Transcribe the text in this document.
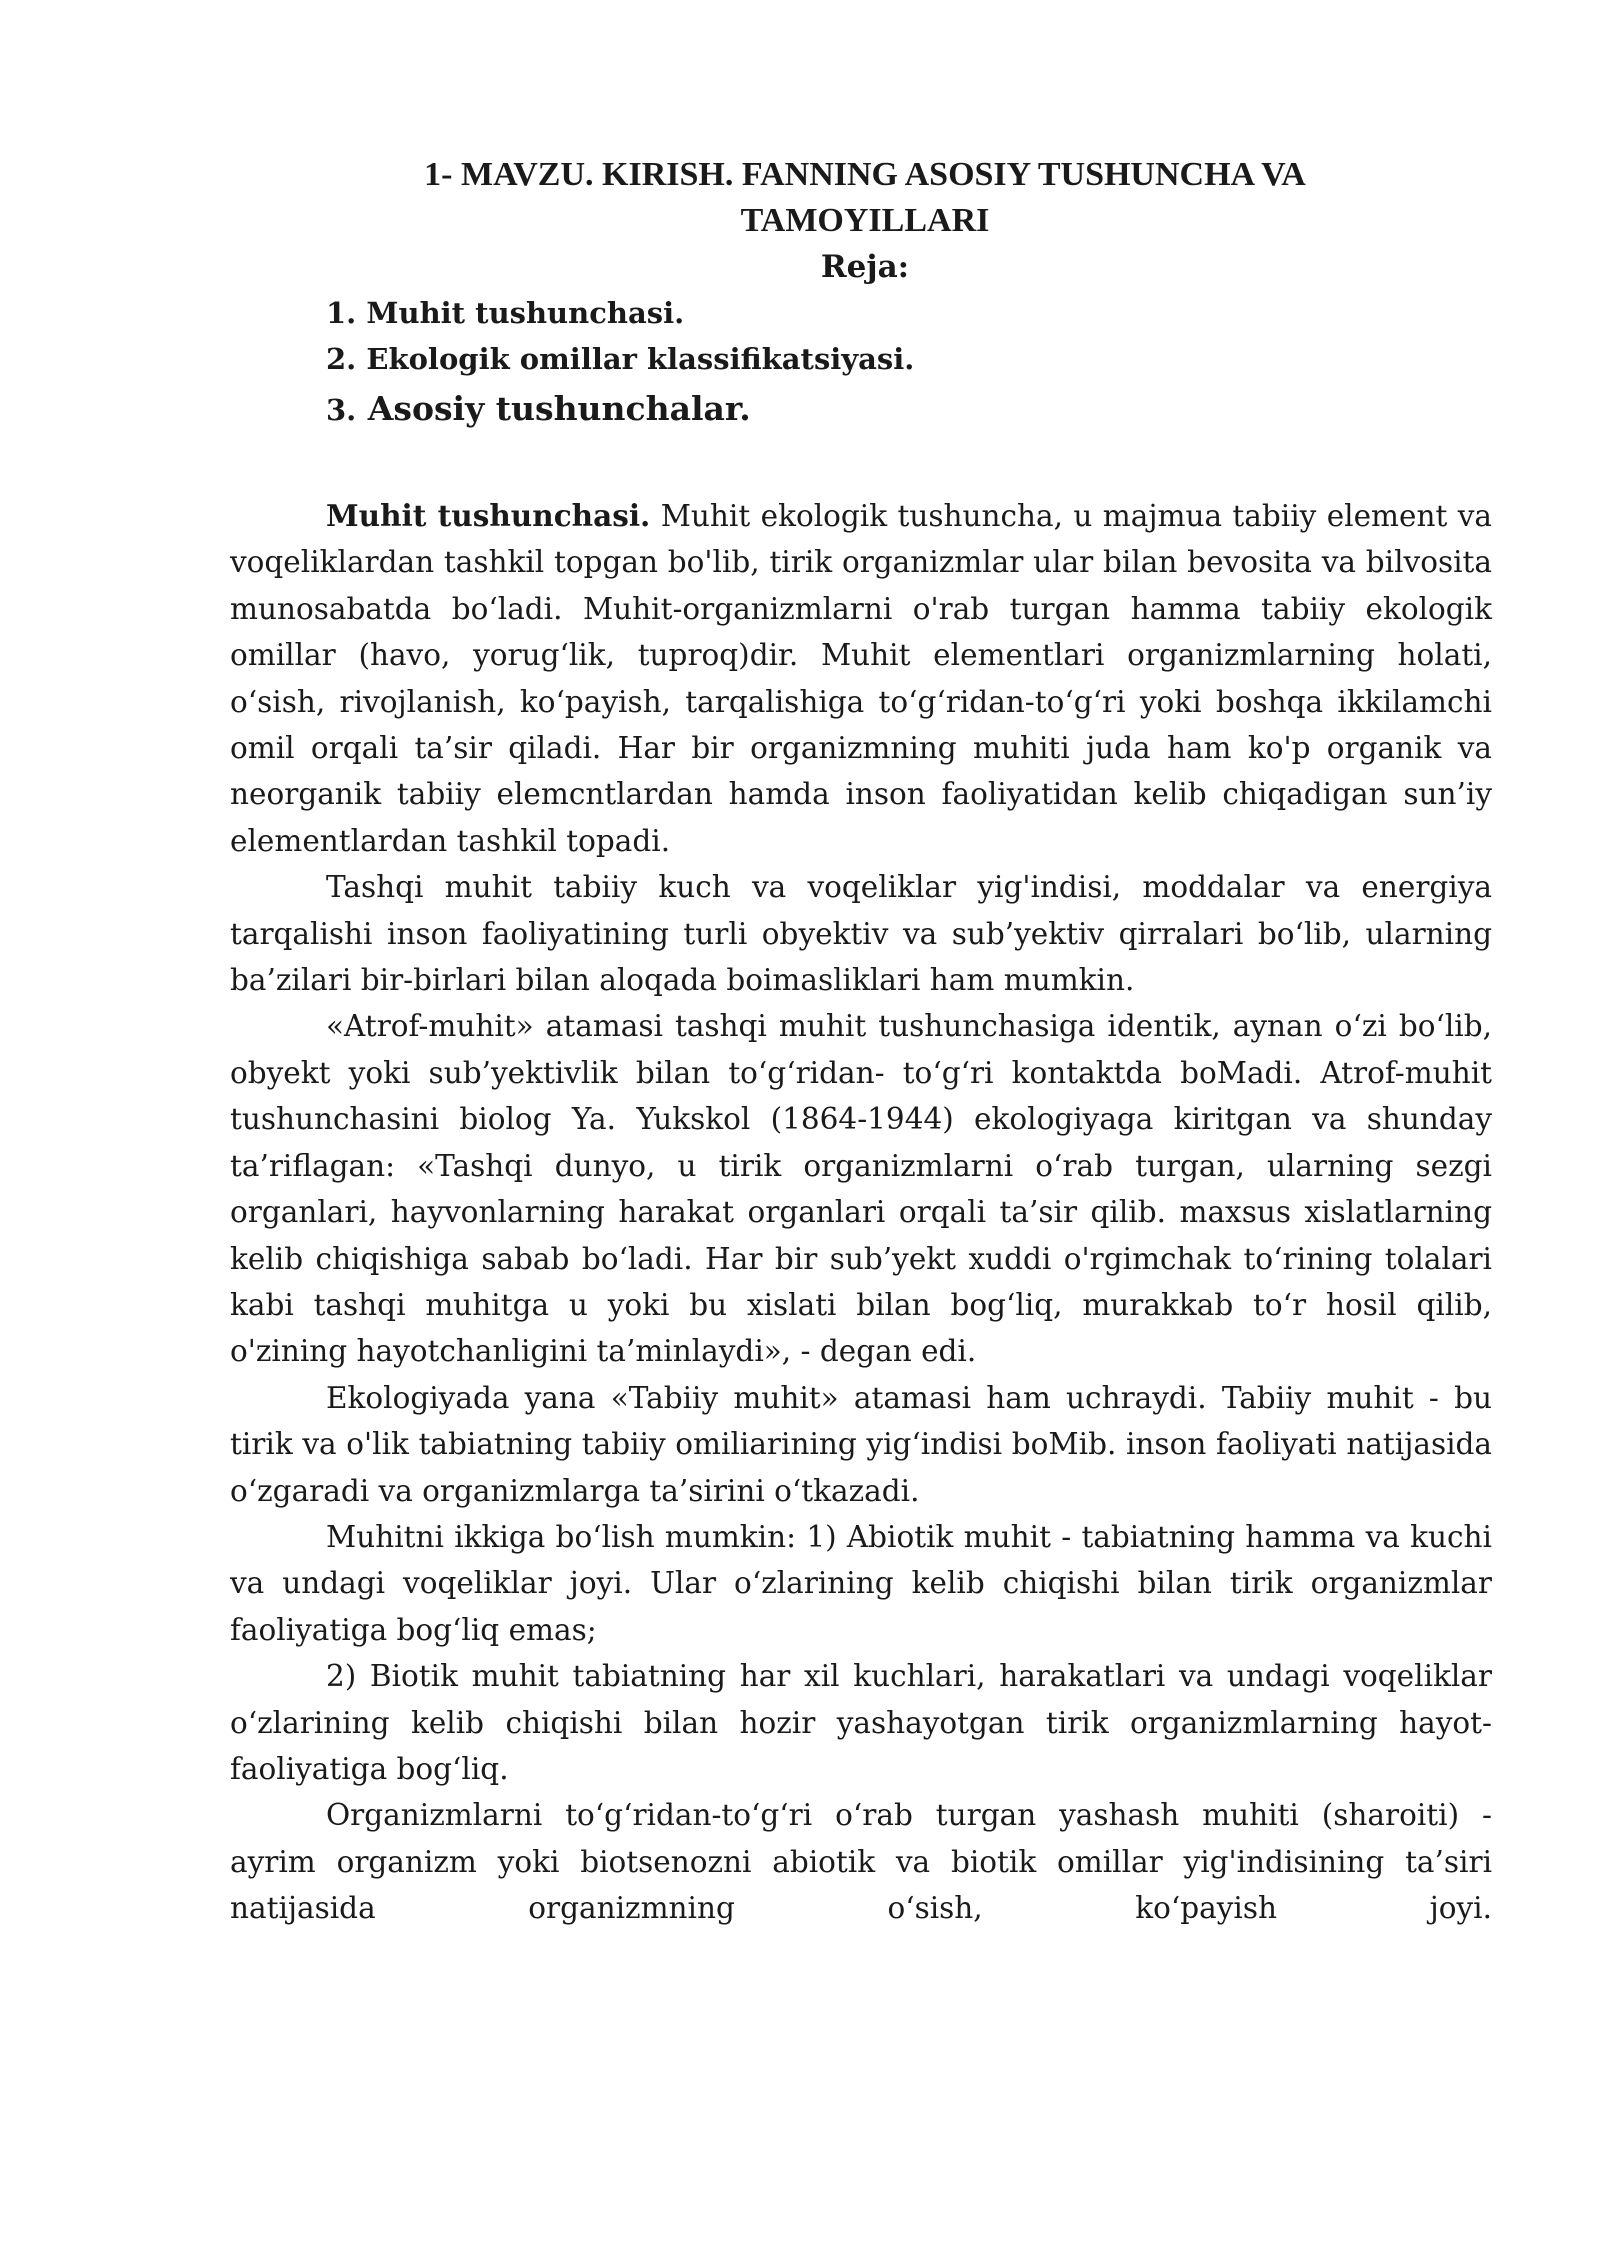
1- MAVZU. KIRISH. FANNING ASOSIY TUSHUNCHA VA
TAMOYILLARI
Reja:
1. Muhit tushunchasi.
2. Ekologik omillar klassifikatsiyasi.
3. Asosiy tushunchalar.

Muhit tushunchasi. Muhit ekologik tushuncha, u majmua tabiiy element va voqeliklardan tashkil topgan bo'lib, tirik organizmlar ular bilan bevosita va bilvosita munosabatda bo‘ladi. Muhit-organizmlarni o'rab turgan hamma tabiiy ekologik omillar (havo, yorug‘lik, tuproq)dir. Muhit elementlari organizmlarning holati, o‘sish, rivojlanish, ko‘payish, tarqalishiga to‘g‘ridan-to‘g‘ri yoki boshqa ikkilamchi omil orqali ta’sir qiladi. Har bir organizmning muhiti juda ham ko'p organik va neorganik tabiiy elemcntlardan hamda inson faoliyatidan kelib chiqadigan sun’iy elementlardan tashkil topadi.

Tashqi muhit tabiiy kuch va voqeliklar yig'indisi, moddalar va energiya tarqalishi inson faoliyatining turli obyektiv va sub’yektiv qirralari bo‘lib, ularning ba’zilari bir-birlari bilan aloqada boimasliklari ham mumkin.

«Atrof-muhit» atamasi tashqi muhit tushunchasiga identik, aynan o‘zi bo‘lib, obyekt yoki sub’yektivlik bilan to‘g‘ridan- to‘g‘ri kontaktda boMadi. Atrof-muhit tushunchasini biolog Ya. Yukskol (1864-1944) ekologiyaga kiritgan va shunday ta’riflagan: «Tashqi dunyo, u tirik organizmlarni o‘rab turgan, ularning sezgi organlari, hayvonlarning harakat organlari orqali ta’sir qilib. maxsus xislatlarning kelib chiqishiga sabab bo‘ladi. Har bir sub’yekt xuddi o'rgimchak to‘rining tolalari kabi tashqi muhitga u yoki bu xislati bilan bog‘liq, murakkab to‘r hosil qilib, o'zining hayotchanligini ta’minlaydi», - degan edi.

Ekologiyada yana «Tabiiy muhit» atamasi ham uchraydi. Tabiiy muhit - bu tirik va o'lik tabiatning tabiiy omiliarining yig‘indisi boMib. inson faoliyati natijasida o‘zgaradi va organizmlarga ta’sirini o‘tkazadi.

Muhitni ikkiga bo‘lish mumkin: 1) Abiotik muhit - tabiatning hamma va kuchi va undagi voqeliklar joyi. Ular o‘zlarining kelib chiqishi bilan tirik organizmlar faoliyatiga bog‘liq emas;

2) Biotik muhit tabiatning har xil kuchlari, harakatlari va undagi voqeliklar o‘zlarining kelib chiqishi bilan hozir yashayotgan tirik organizmlarning hayot-faoliyatiga bog‘liq.

Organizmlarni to‘g‘ridan-to‘g‘ri o‘rab turgan yashash muhiti (sharoiti) - ayrim organizm yoki biotsenozni abiotik va biotik omillar yig'indisining ta’siri natijasida organizmning o‘sish, ko‘payish joyi.
